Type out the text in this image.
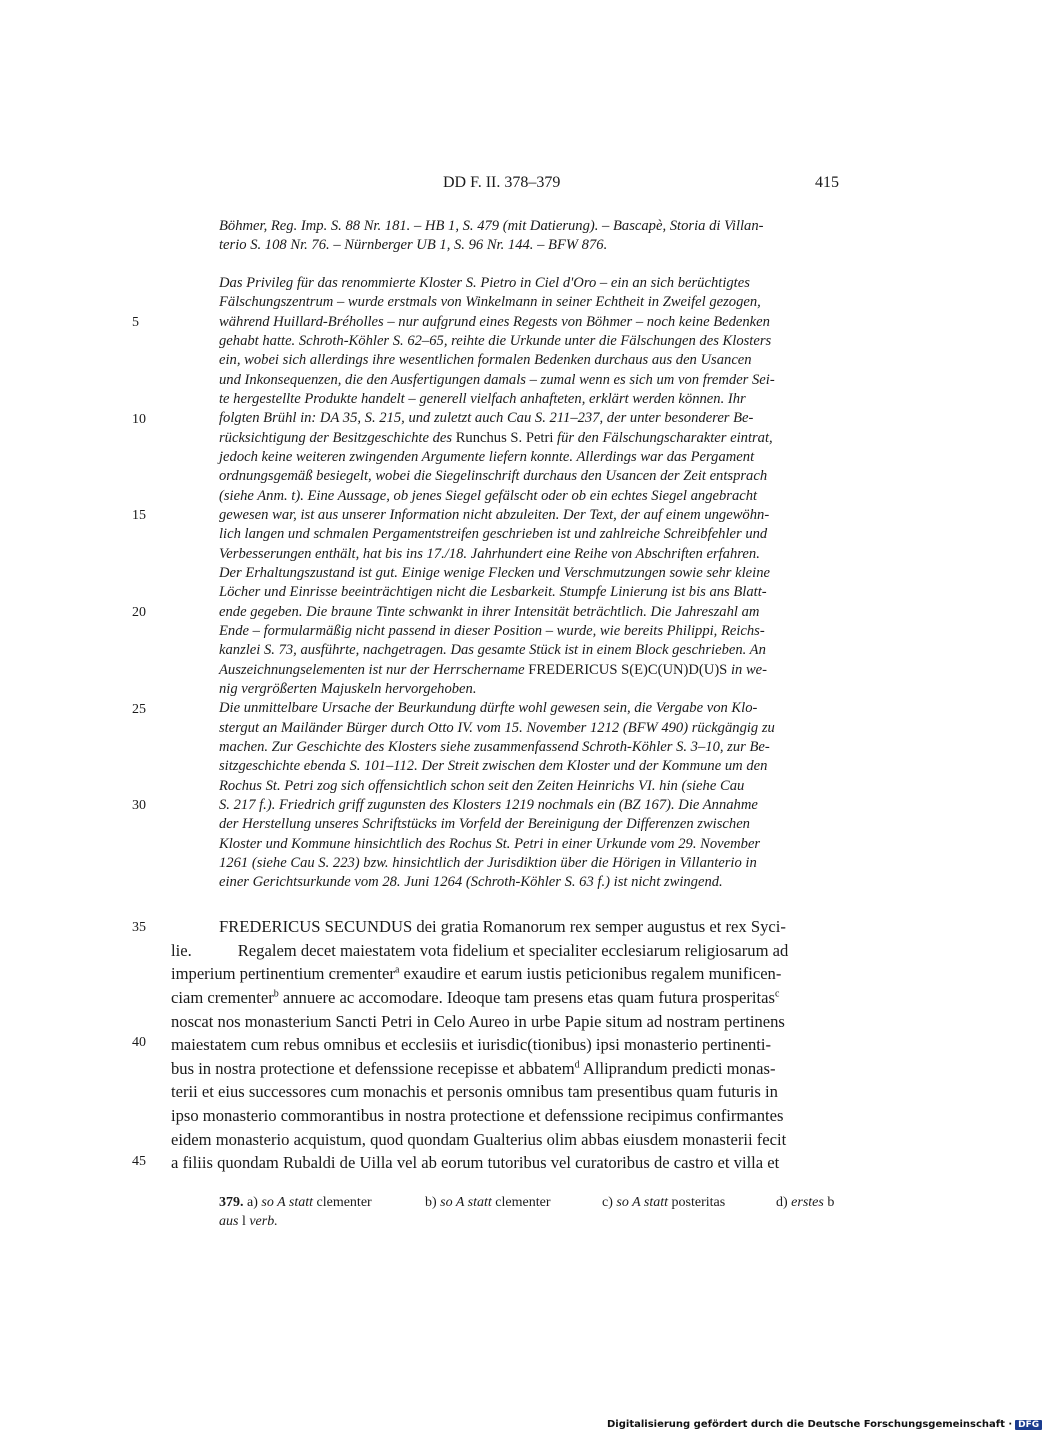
DD F. II. 378–379	415
Böhmer, Reg. Imp. S. 88 Nr. 181. – HB 1, S. 479 (mit Datierung). – Bascapè, Storia di Villan-
terio S. 108 Nr. 76. – Nürnberger UB 1, S. 96 Nr. 144. – BFW 876.
Das Privileg für das renommierte Kloster S. Pietro in Ciel d'Oro – ein an sich berüchtigtes
Fälschungszentrum – wurde erstmals von Winkelmann in seiner Echtheit in Zweifel gezogen,
während Huillard-Bréholles – nur aufgrund eines Regests von Böhmer – noch keine Bedenken
gehabt hatte. Schroth-Köhler S. 62–65, reihte die Urkunde unter die Fälschungen des Klosters
ein, wobei sich allerdings ihre wesentlichen formalen Bedenken durchaus aus den Usancen
und Inkonsequenzen, die den Ausfertigungen damals – zumal wenn es sich um von fremder Sei-
te hergestellte Produkte handelt – generell vielfach anhafteten, erklärt werden können. Ihr
folgten Brühl in: DA 35, S. 215, und zuletzt auch Cau S. 211–237, der unter besonderer Be-
rücksichtigung der Besitzgeschichte des Runchus S. Petri für den Fälschungscharakter eintrat,
jedoch keine weiteren zwingenden Argumente liefern konnte. Allerdings war das Pergament
ordnungsgemäß besiegelt, wobei die Siegelinschrift durchaus den Usancen der Zeit entsprach
(siehe Anm. t). Eine Aussage, ob jenes Siegel gefälscht oder ob ein echtes Siegel angebracht
gewesen war, ist aus unserer Information nicht abzuleiten. Der Text, der auf einem ungewöhn-
lich langen und schmalen Pergamentstreifen geschrieben ist und zahlreiche Schreibfehler und
Verbesserungen enthält, hat bis ins 17./18. Jahrhundert eine Reihe von Abschriften erfahren.
Der Erhaltungszustand ist gut. Einige wenige Flecken und Verschmutzungen sowie sehr kleine
Löcher und Einrisse beeinträchtigen nicht die Lesbarkeit. Stumpfe Linierung ist bis ans Blatt-
ende gegeben. Die braune Tinte schwankt in ihrer Intensität beträchtlich. Die Jahreszahl am
Ende – formularmäßig nicht passend in dieser Position – wurde, wie bereits Philippi, Reichs-
kanzlei S. 73, ausführte, nachgetragen. Das gesamte Stück ist in einem Block geschrieben. An
Auszeichnungselementen ist nur der Herrschername FREDERICUS S(E)C(UN)D(U)S in we-
nig vergrößerten Majuskeln hervorgehoben.
Die unmittelbare Ursache der Beurkundung dürfte wohl gewesen sein, die Vergabe von Klo-
stergut an Mailänder Bürger durch Otto IV. vom 15. November 1212 (BFW 490) rückgängig zu
machen. Zur Geschichte des Klosters siehe zusammenfassend Schroth-Köhler S. 3–10, zur Be-
sitzgeschichte ebenda S. 101–112. Der Streit zwischen dem Kloster und der Kommune um den
Rochus St. Petri zog sich offensichtlich schon seit den Zeiten Heinrichs VI. hin (siehe Cau
S. 217 f.). Friedrich griff zugunsten des Klosters 1219 nochmals ein (BZ 167). Die Annahme
der Herstellung unseres Schriftstücks im Vorfeld der Bereinigung der Differenzen zwischen
Kloster und Kommune hinsichtlich des Rochus St. Petri in einer Urkunde vom 29. November
1261 (siehe Cau S. 223) bzw. hinsichtlich der Jurisdiktion über die Hörigen in Villanterio in
einer Gerichtsurkunde vom 28. Juni 1264 (Schroth-Köhler S. 63 f.) ist nicht zwingend.
5
10
15
20
25
30
35
40
45
FREDERICUS SECUNDUS dei gratia Romanorum rex semper augustus et rex Syci-
lie.	Regalem decet maiestatem vota fidelium et specialiter ecclesiarum religiosarum ad
imperium pertinentium crementer$^a$ exaudire et earum iustis peticionibus regalem munificen-
ciam crementer$^b$ annuere ac accomodare. Ideoque tam presens etas quam futura prosperitas$^c$
noscat nos monasterium Sancti Petri in Celo Aureo in urbe Papie situm ad nostram pertinens
maiestatem cum rebus omnibus et ecclesiis et iurisdic(tionibus) ipsi monasterio pertinenti-
bus in nostra protectione et defenssione recepisse et abbatem$^d$ Alliprandum predicti monas-
terii et eius successores cum monachis et personis omnibus tam presentibus quam futuris in
ipso monasterio commorantibus in nostra protectione et defenssione recipimus confirmantes
eidem monasterio acquistum, quod quondam Gualterius olim abbas eiusdem monasterii fecit
a filiis quondam Rubaldi de Uilla vel ab eorum tutoribus vel curatoribus de castro et villa et
379. a) so A statt clementer	b) so A statt clementer	c) so A statt posteritas	d) erstes b
aus l verb.
Digitalisierung gefördert durch die Deutsche Forschungsgemeinschaft · DFG
